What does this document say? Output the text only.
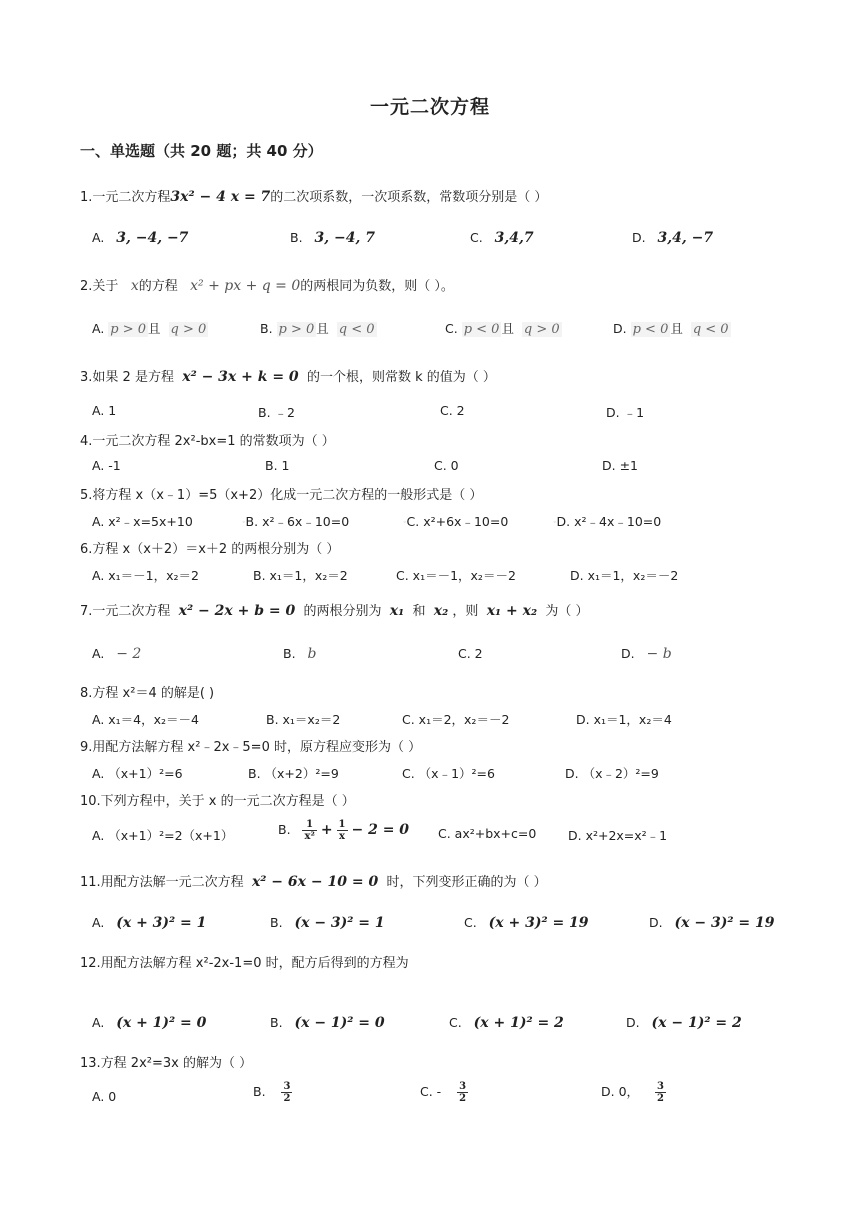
一元二次方程
一、单选题（共 20 题；共 40 分）
1.一元二次方程3x² − 4 x = 7的二次项系数，一次项系数，常数项分别是（ ）
A. 3, −4, −7	B. 3, −4, 7	C. 3,4,7	D. 3,4, −7
2.关于 x的方程 x² + px + q = 0的两根同为负数，则（ ）。
A. p > 0 且 q > 0	B. p > 0 且 q < 0	C. p < 0 且 q > 0	D. p < 0 且 q < 0
3.如果 2 是方程 x² − 3x + k = 0 的一个根，则常数 k 的值为（ ）
A. 1	B. ﹣2	C. 2	D. ﹣1
4.一元二次方程 2x²-bx=1 的常数项为（ ）
A. -1	B. 1	C. 0	D. ±1
5.将方程 x（x﹣1）=5（x+2）化成一元二次方程的一般形式是（ ）
A. x²﹣x=5x+10	◦B. x²﹣6x﹣10=0	◦C. x²+6x﹣10=0	◦D. x²﹣4x﹣10=0
6.方程 x（x＋2）＝x＋2 的两根分别为（ ）
A. x₁＝－1，x₂＝2	B. x₁＝1，x₂＝2	C. x₁＝－1，x₂＝－2	D. x₁＝1，x₂＝－2
7.一元二次方程 x² − 2x + b = 0 的两根分别为 x₁ 和 x₂ ，则 x₁ + x₂ 为（ ）
A. − 2	B. b	C. 2	D. − b
8.方程 x²＝4 的解是( )
A. x₁＝4，x₂＝－4	B. x₁＝x₂＝2	C. x₁＝2，x₂＝－2	D. x₁＝1，x₂＝4
9.用配方法解方程 x²﹣2x﹣5=0 时，原方程应变形为（ ）
A. （x+1）²=6	B. （x+2）²=9	C. （x﹣1）²=6	D. （x﹣2）²=9
10.下列方程中，关于 x 的一元二次方程是（ ）
A. （x+1）²=2（x+1）	B. $\frac{1}{\text{x²}} + \frac{1}{x} - 2 = 0$ C. ax²+bx+c=0	D. x²+2x=x²﹣1
11.用配方法解一元二次方程 x² − 6x − 10 = 0 时，下列变形正确的为（ ）
A. (x + 3)² = 1	B. (x − 3)² = 1	C. (x + 3)² = 19	D. (x − 3)² = 19
12.用配方法解方程 x²-2x-1=0 时，配方后得到的方程为
A. (x + 1)² = 0	B. (x − 1)² = 0	C. (x + 1)² = 2	D. (x − 1)² = 2
13.方程 2x²=3x 的解为（ ）
A. 0	B. $\frac{3}{2}$	C. - $\frac{3}{2}$	D. 0， $\frac{3}{2}$
